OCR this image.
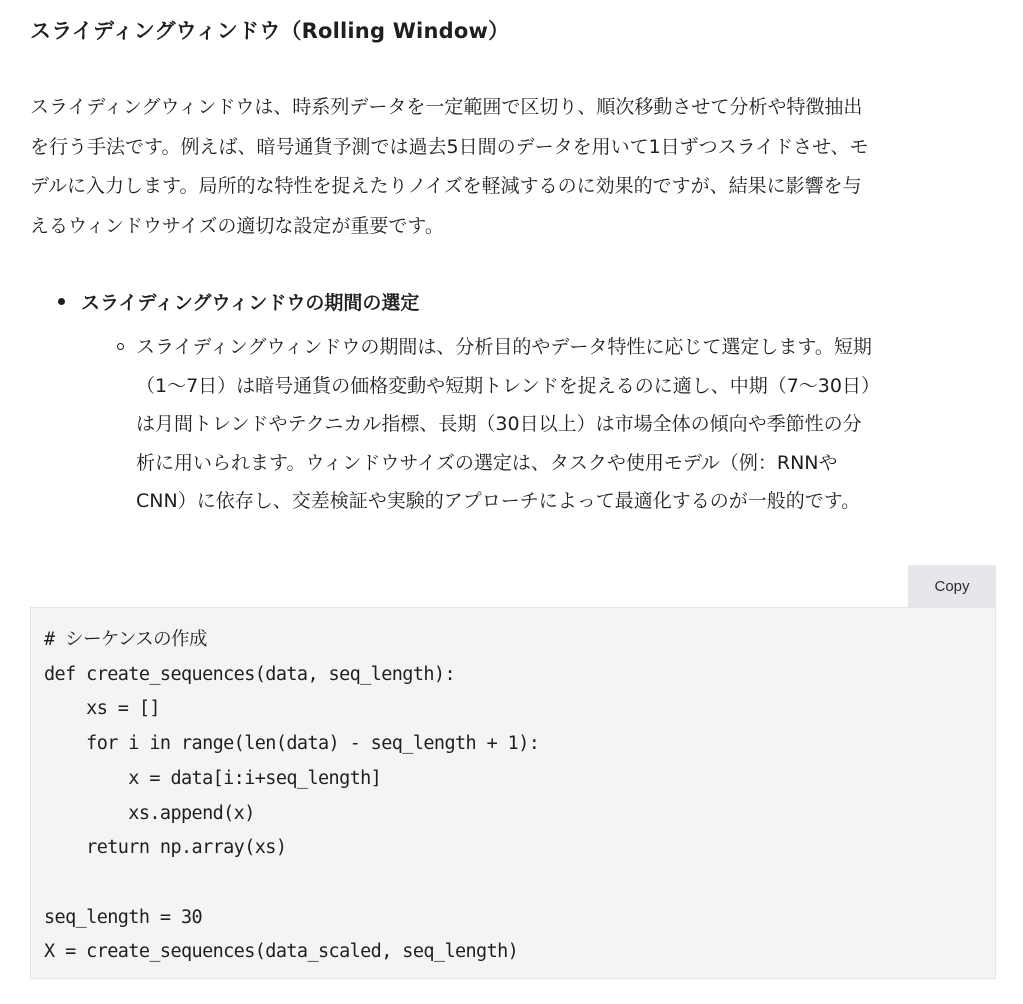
スライディングウィンドウ（Rolling Window）
スライディングウィンドウは、時系列データを一定範囲で区切り、順次移動させて分析や特徴抽出
を行う手法です。例えば、暗号通貨予測では過去5日間のデータを用いて1日ずつスライドさせ、モ
デルに入力します。局所的な特性を捉えたりノイズを軽減するのに効果的ですが、結果に影響を与
えるウィンドウサイズの適切な設定が重要です。
スライディングウィンドウの期間の選定
スライディングウィンドウの期間は、分析目的やデータ特性に応じて選定します。短期
（1～7日）は暗号通貨の価格変動や短期トレンドを捉えるのに適し、中期（7～30日）
は月間トレンドやテクニカル指標、長期（30日以上）は市場全体の傾向や季節性の分
析に用いられます。ウィンドウサイズの選定は、タスクや使用モデル（例：RNNや
CNN）に依存し、交差検証や実験的アプローチによって最適化するのが一般的です。
Copy
# シーケンスの作成
def create_sequences(data, seq_length):
xs = []
for i in range(len(data) - seq_length + 1):
x = data[i:i+seq_length]
xs.append(x)
return np.array(xs)
seq_length = 30
X = create_sequences(data_scaled, seq_length)
